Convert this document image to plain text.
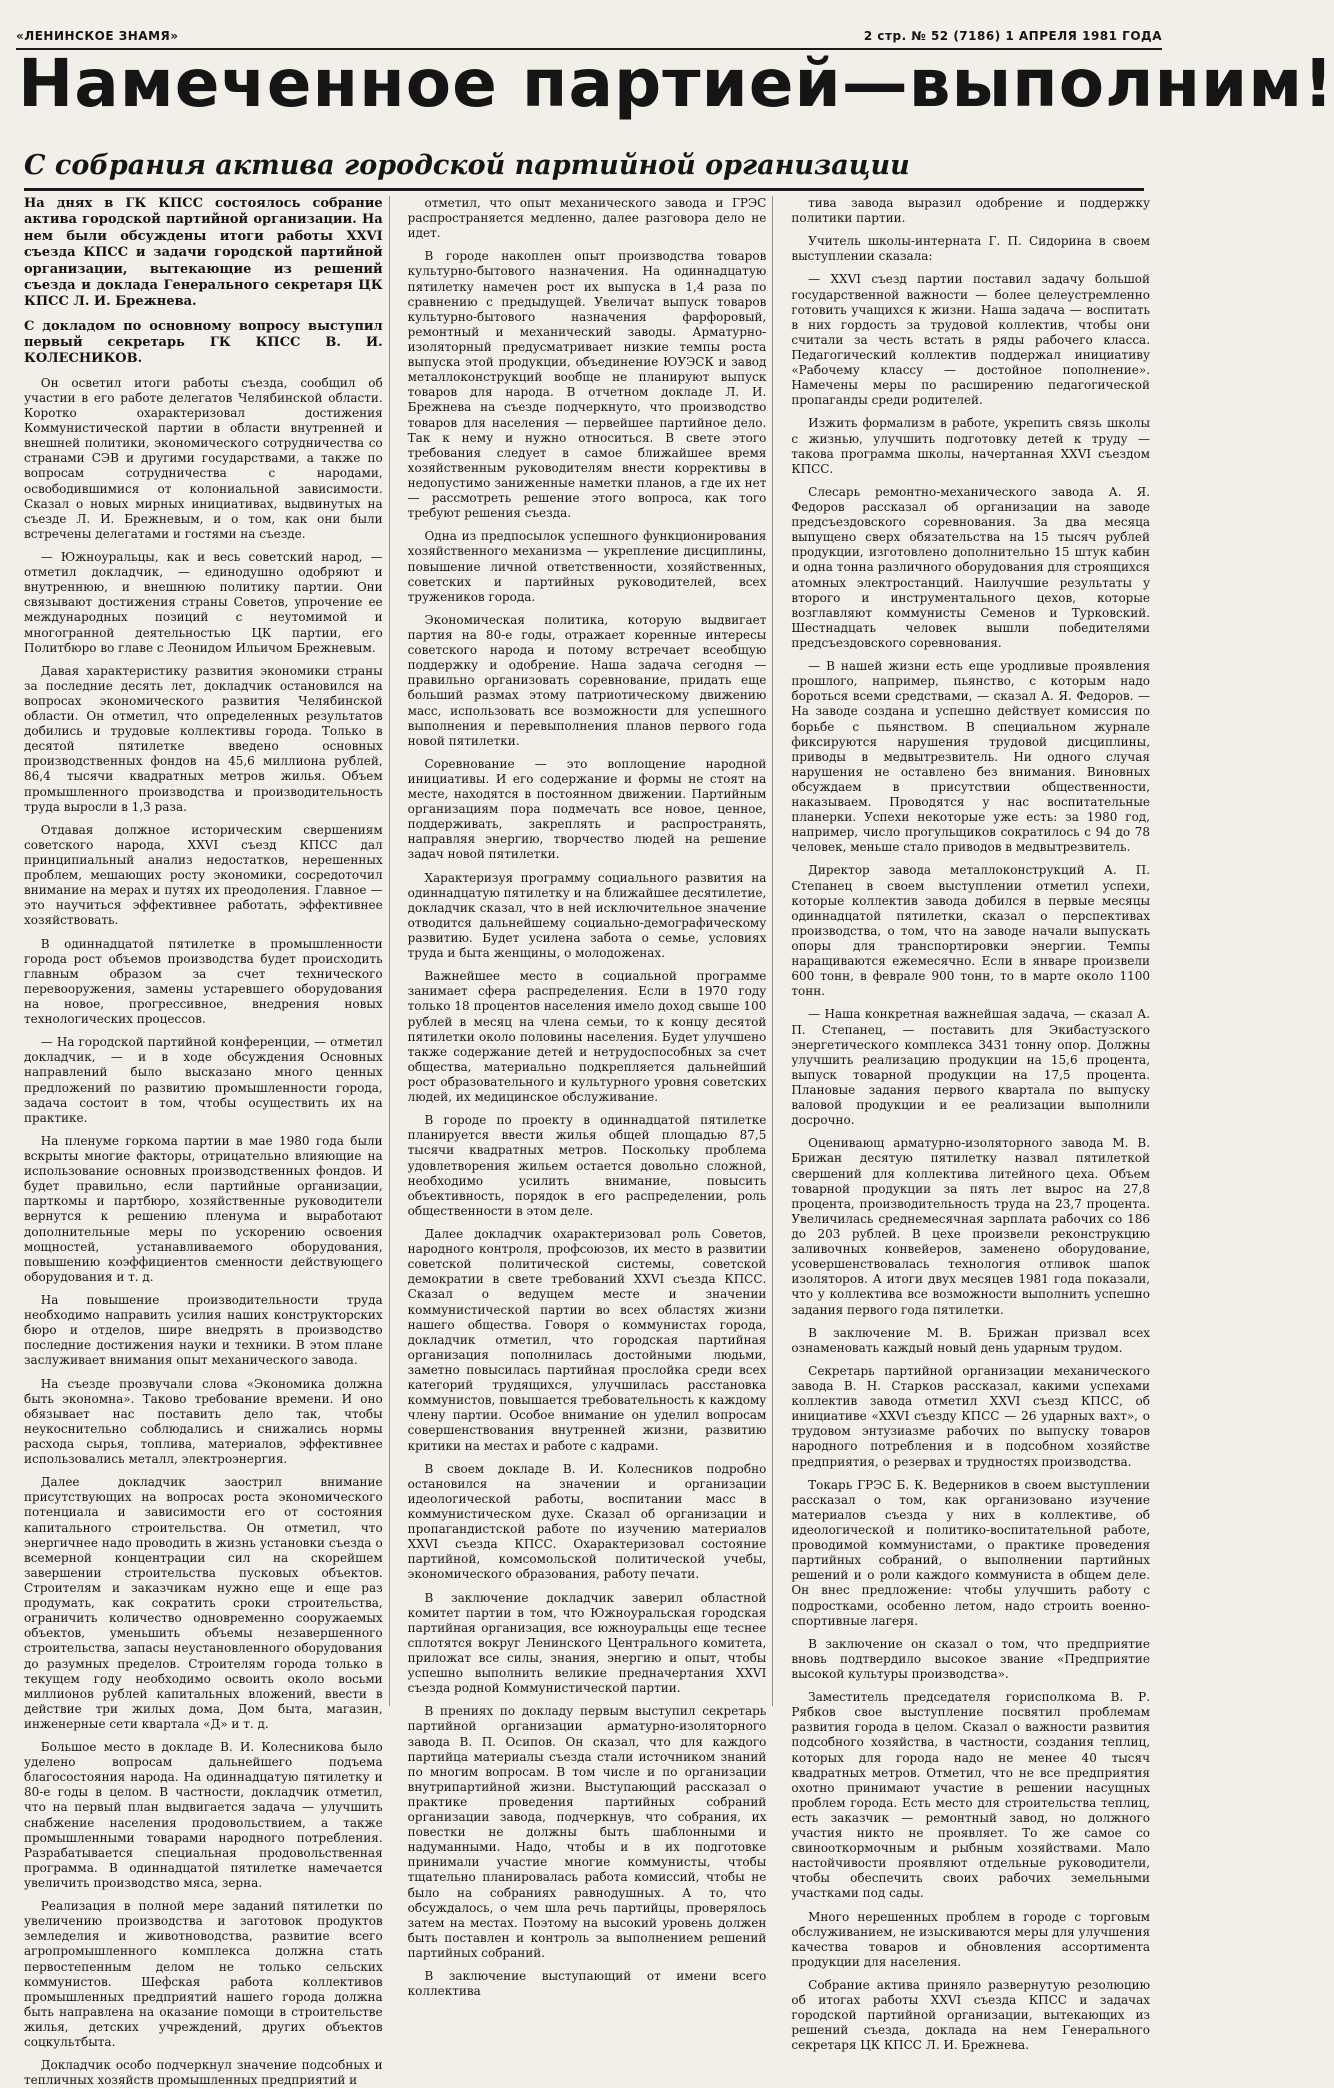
«ЛЕНИНСКОЕ ЗНАМЯ»	2 стр. № 52 (7186) 1 АПРЕЛЯ 1981 ГОДА
Намеченное партией—выполним!
С собрания актива городской партийной организации
На днях в ГК КПСС состоялось собрание актива городской партийной организации. На нем были обсуждены итоги работы XXVI съезда КПСС и задачи городской партийной организации, вытекающие из решений съезда и доклада Генерального секретаря ЦК КПСС Л. И. Брежнева.
С докладом по основному вопросу выступил первый секретарь ГК КПСС В. И. КОЛЕСНИКОВ.

Он осветил итоги работы съезда, сообщил об участии в его работе делегатов Челябинской области. Коротко охарактеризовал достижения Коммунистической партии в области внутренней и внешней политики, экономического сотрудничества со странами СЭВ и другими государствами, а также по вопросам сотрудничества с народами, освободившимися от колониальной зависимости. Сказал о новых мирных инициативах, выдвинутых на съезде Л. И. Брежневым, и о том, как они были встречены делегатами и гостями на съезде.

— Южноуральцы, как и весь советский народ, — отметил докладчик, — единодушно одобряют и внутреннюю, и внешнюю политику партии. Они связывают достижения страны Советов, упрочение ее международных позиций с неутомимой и многогранной деятельностью ЦК партии, его Политбюро во главе с Леонидом Ильичом Брежневым.

Давая характеристику развития экономики страны за последние десять лет, докладчик остановился на вопросах экономического развития Челябинской области. Он отметил, что определенных результатов добились и трудовые коллективы города. Только в десятой пятилетке введено основных производственных фондов на 45,6 миллиона рублей, 86,4 тысячи квадратных метров жилья. Объем промышленного производства и производительность труда выросли в 1,3 раза.

Отдавая должное историческим свершениям советского народа, XXVI съезд КПСС дал принципиальный анализ недостатков, нерешенных проблем, мешающих росту экономики, сосредоточил внимание на мерах и путях их преодоления. Главное — это научиться эффективнее работать, эффективнее хозяйствовать.

В одиннадцатой пятилетке в промышленности города рост объемов производства будет происходить главным образом за счет технического перевооружения, замены устаревшего оборудования на новое, прогрессивное, внедрения новых технологических процессов.

— На городской партийной конференции, — отметил докладчик, — и в ходе обсуждения Основных направлений было высказано много ценных предложений по развитию промышленности города, задача состоит в том, чтобы осуществить их на практике.

На пленуме горкома партии в мае 1980 года были вскрыты многие факторы, отрицательно влияющие на использование основных производственных фондов. И будет правильно, если партийные организации, парткомы и партбюро, хозяйственные руководители вернутся к решению пленума и выработают дополнительные меры по ускорению освоения мощностей, устанавливаемого оборудования, повышению коэффициентов сменности действующего оборудования и т. д.

На повышение производительности труда необходимо направить усилия наших конструкторских бюро и отделов, шире внедрять в производство последние достижения науки и техники. В этом плане заслуживает внимания опыт механического завода.

На съезде прозвучали слова «Экономика должна быть экономна». Таково требование времени. И оно обязывает нас поставить дело так, чтобы неукоснительно соблюдались и снижались нормы расхода сырья, топлива, материалов, эффективнее использовались металл, электроэнергия.

Далее докладчик заострил внимание присутствующих на вопросах роста экономического потенциала и зависимости его от состояния капитального строительства. Он отметил, что энергичнее надо проводить в жизнь установки съезда о всемерной концентрации сил на скорейшем завершении строительства пусковых объектов. Строителям и заказчикам нужно еще и еще раз продумать, как сократить сроки строительства, ограничить количество одновременно сооружаемых объектов, уменьшить объемы незавершенного строительства, запасы неустановленного оборудования до разумных пределов. Строителям города только в текущем году необходимо освоить около восьми миллионов рублей капитальных вложений, ввести в действие три жилых дома, Дом быта, магазин, инженерные сети квартала «Д» и т. д.

Большое место в докладе В. И. Колесникова было уделено вопросам дальнейшего подъема благосостояния народа. На одиннадцатую пятилетку и 80-е годы в целом. В частности, докладчик отметил, что на первый план выдвигается задача — улучшить снабжение населения продовольствием, а также промышленными товарами народного потребления. Разрабатывается специальная продовольственная программа. В одиннадцатой пятилетке намечается увеличить производство мяса, зерна.

Реализация в полной мере заданий пятилетки по увеличению производства и заготовок продуктов земледелия и животноводства, развитие всего агропромышленного комплекса должна стать первостепенным делом не только сельских коммунистов. Шефская работа коллективов промышленных предприятий нашего города должна быть направлена на оказание помощи в строительстве жилья, детских учреждений, других объектов соцкультбыта.

Докладчик особо подчеркнул значение подсобных и тепличных хозяйств промышленных предприятий и

отметил, что опыт механического завода и ГРЭС распространяется медленно, далее разговора дело не идет.

В городе накоплен опыт производства товаров культурно-бытового назначения. На одиннадцатую пятилетку намечен рост их выпуска в 1,4 раза по сравнению с предыдущей. Увеличат выпуск товаров культурно-бытового назначения фарфоровый, ремонтный и механический заводы. Арматурно-изоляторный предусматривает низкие темпы роста выпуска этой продукции, объединение ЮУЭСК и завод металлоконструкций вообще не планируют выпуск товаров для народа. В отчетном докладе Л. И. Брежнева на съезде подчеркнуто, что производство товаров для населения — первейшее партийное дело. Так к нему и нужно относиться. В свете этого требования следует в самое ближайшее время хозяйственным руководителям внести коррективы в недопустимо заниженные наметки планов, а где их нет — рассмотреть решение этого вопроса, как того требуют решения съезда.

Одна из предпосылок успешного функционирования хозяйственного механизма — укрепление дисциплины, повышение личной ответственности, хозяйственных, советских и партийных руководителей, всех тружеников города.

Экономическая политика, которую выдвигает партия на 80-е годы, отражает коренные интересы советского народа и потому встречает всеобщую поддержку и одобрение. Наша задача сегодня — правильно организовать соревнование, придать еще больший размах этому патриотическому движению масс, использовать все возможности для успешного выполнения и перевыполнения планов первого года новой пятилетки.

Соревнование — это воплощение народной инициативы. И его содержание и формы не стоят на месте, находятся в постоянном движении. Партийным организациям пора подмечать все новое, ценное, поддерживать, закреплять и распространять, направляя энергию, творчество людей на решение задач новой пятилетки.

Характеризуя программу социального развития на одиннадцатую пятилетку и на ближайшее десятилетие, докладчик сказал, что в ней исключительное значение отводится дальнейшему социально-демографическому развитию. Будет усилена забота о семье, условиях труда и быта женщины, о молодоженах.

Важнейшее место в социальной программе занимает сфера распределения. Если в 1970 году только 18 процентов населения имело доход свыше 100 рублей в месяц на члена семьи, то к концу десятой пятилетки около половины населения. Будет улучшено также содержание детей и нетрудоспособных за счет общества, материально подкрепляется дальнейший рост образовательного и культурного уровня советских людей, их медицинское обслуживание.

В городе по проекту в одиннадцатой пятилетке планируется ввести жилья общей площадью 87,5 тысячи квадратных метров. Поскольку проблема удовлетворения жильем остается довольно сложной, необходимо усилить внимание, повысить объективность, порядок в его распределении, роль общественности в этом деле.

Далее докладчик охарактеризовал роль Советов, народного контроля, профсоюзов, их место в развитии советской политической системы, советской демократии в свете требований XXVI съезда КПСС. Сказал о ведущем месте и значении коммунистической партии во всех областях жизни нашего общества. Говоря о коммунистах города, докладчик отметил, что городская партийная организация пополнилась достойными людьми, заметно повысилась партийная прослойка среди всех категорий трудящихся, улучшилась расстановка коммунистов, повышается требовательность к каждому члену партии. Особое внимание он уделил вопросам совершенствования внутренней жизни, развитию критики на местах и работе с кадрами.

В своем докладе В. И. Колесников подробно остановился на значении и организации идеологической работы, воспитании масс в коммунистическом духе. Сказал об организации и пропагандистской работе по изучению материалов XXVI съезда КПСС. Охарактеризовал состояние партийной, комсомольской политической учебы, экономического образования, работу печати.

В заключение докладчик заверил областной комитет партии в том, что Южноуральская городская партийная организация, все южноуральцы еще теснее сплотятся вокруг Ленинского Центрального комитета, приложат все силы, знания, энергию и опыт, чтобы успешно выполнить великие предначертания XXVI съезда родной Коммунистической партии.

В прениях по докладу первым выступил секретарь партийной организации арматурно-изоляторного завода В. П. Осипов. Он сказал, что для каждого партийца материалы съезда стали источником знаний по многим вопросам. В том числе и по организации внутрипартийной жизни. Выступающий рассказал о практике проведения партийных собраний организации завода, подчеркнув, что собрания, их повестки не должны быть шаблонными и надуманными. Надо, чтобы и в их подготовке принимали участие многие коммунисты, чтобы тщательно планировалась работа комиссий, чтобы не было на собраниях равнодушных. А то, что обсуждалось, о чем шла речь партийцы, проверялось затем на местах. Поэтому на высокий уровень должен быть поставлен и контроль за выполнением решений партийных собраний.

В заключение выступающий от имени всего коллектива

тива завода выразил одобрение и поддержку политики партии.

Учитель школы-интерната Г. П. Сидорина в своем выступлении сказала:

— XXVI съезд партии поставил задачу большой государственной важности — более целеустремленно готовить учащихся к жизни. Наша задача — воспитать в них гордость за трудовой коллектив, чтобы они считали за честь встать в ряды рабочего класса. Педагогический коллектив поддержал инициативу «Рабочему классу — достойное пополнение». Намечены меры по расширению педагогической пропаганды среди родителей.

Изжить формализм в работе, укрепить связь школы с жизнью, улучшить подготовку детей к труду — такова программа школы, начертанная XXVI съездом КПСС.

Слесарь ремонтно-механического завода А. Я. Федоров рассказал об организации на заводе предсъездовского соревнования. За два месяца выпущено сверх обязательства на 15 тысяч рублей продукции, изготовлено дополнительно 15 штук кабин и одна тонна различного оборудования для строящихся атомных электростанций. Наилучшие результаты у второго и инструментального цехов, которые возглавляют коммунисты Семенов и Турковский. Шестнадцать человек вышли победителями предсъездовского соревнования.

— В нашей жизни есть еще уродливые проявления прошлого, например, пьянство, с которым надо бороться всеми средствами, — сказал А. Я. Федоров. — На заводе создана и успешно действует комиссия по борьбе с пьянством. В специальном журнале фиксируются нарушения трудовой дисциплины, приводы в медвытрезвитель. Ни одного случая нарушения не оставлено без внимания. Виновных обсуждаем в присутствии общественности, наказываем. Проводятся у нас воспитательные планерки. Успехи некоторые уже есть: за 1980 год, например, число прогульщиков сократилось с 94 до 78 человек, меньше стало приводов в медвытрезвитель.

Директор завода металлоконструкций А. П. Степанец в своем выступлении отметил успехи, которые коллектив завода добился в первые месяцы одиннадцатой пятилетки, сказал о перспективах производства, о том, что на заводе начали выпускать опоры для транспортировки энергии. Темпы наращиваются ежемесячно. Если в январе произвели 600 тонн, в феврале 900 тонн, то в марте около 1100 тонн.

— Наша конкретная важнейшая задача, — сказал А. П. Степанец, — поставить для Экибастузского энергетического комплекса 3431 тонну опор. Должны улучшить реализацию продукции на 15,6 процента, выпуск товарной продукции на 17,5 процента. Плановые задания первого квартала по выпуску валовой продукции и ее реализации выполнили досрочно.

Оценивающ арматурно-изоляторного завода М. В. Брижан десятую пятилетку назвал пятилеткой свершений для коллектива литейного цеха. Объем товарной продукции за пять лет вырос на 27,8 процента, производительность труда на 23,7 процента. Увеличилась среднемесячная зарплата рабочих со 186 до 203 рублей. В цехе произвели реконструкцию заливочных конвейеров, заменено оборудование, усовершенствовалась технология отливок шапок изоляторов. А итоги двух месяцев 1981 года показали, что у коллектива все возможности выполнить успешно задания первого года пятилетки.

В заключение М. В. Брижан призвал всех ознаменовать каждый новый день ударным трудом.

Секретарь партийной организации механического завода В. Н. Старков рассказал, какими успехами коллектив завода отметил XXVI съезд КПСС, об инициативе «XXVI съезду КПСС — 26 ударных вахт», о трудовом энтузиазме рабочих по выпуску товаров народного потребления и в подсобном хозяйстве предприятия, о резервах и трудностях производства.

Токарь ГРЭС Б. К. Ведерников в своем выступлении рассказал о том, как организовано изучение материалов съезда у них в коллективе, об идеологической и политико-воспитательной работе, проводимой коммунистами, о практике проведения партийных собраний, о выполнении партийных решений и о роли каждого коммуниста в общем деле. Он внес предложение: чтобы улучшить работу с подростками, особенно летом, надо строить военно-спортивные лагеря.

В заключение он сказал о том, что предприятие вновь подтвердило высокое звание «Предприятие высокой культуры производства».

Заместитель председателя горисполкома В. Р. Рябков свое выступление посвятил проблемам развития города в целом. Сказал о важности развития подсобного хозяйства, в частности, создания теплиц, которых для города надо не менее 40 тысяч квадратных метров. Отметил, что не все предприятия охотно принимают участие в решении насущных проблем города. Есть место для строительства теплиц, есть заказчик — ремонтный завод, но должного участия никто не проявляет. То же самое со свинооткормочным и рыбным хозяйствами. Мало настойчивости проявляют отдельные руководители, чтобы обеспечить своих рабочих земельными участками под сады.

Много нерешенных проблем в городе с торговым обслуживанием, не изыскиваются меры для улучшения качества товаров и обновления ассортимента продукции для населения.

Собрание актива приняло развернутую резолюцию об итогах работы XXVI съезда КПСС и задачах городской партийной организации, вытекающих из решений съезда, доклада на нем Генерального секретаря ЦК КПСС Л. И. Брежнева.
